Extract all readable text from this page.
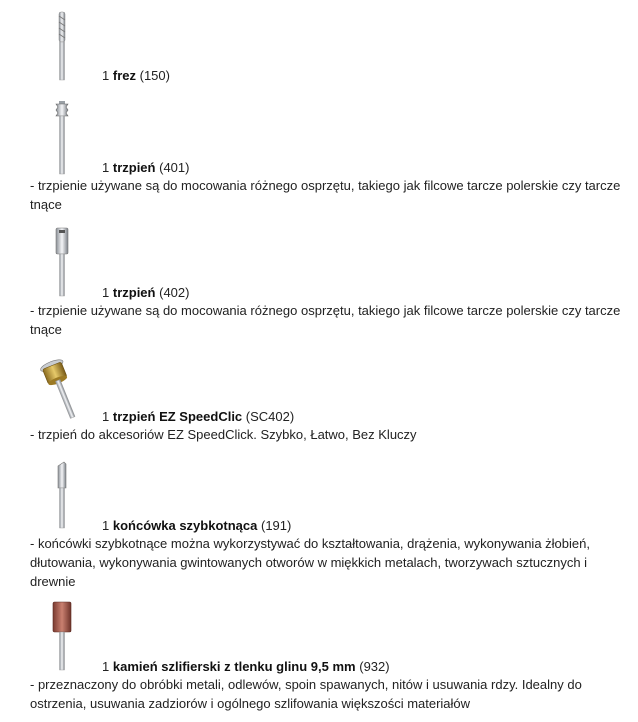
1 frez (150)
1 trzpień (401)
- trzpienie używane są do mocowania różnego osprzętu, takiego jak filcowe tarcze polerskie czy tarcze tnące
1 trzpień (402)
- trzpienie używane są do mocowania różnego osprzętu, takiego jak filcowe tarcze polerskie czy tarcze tnące
1 trzpień EZ SpeedClic (SC402)
- trzpień do akcesoriów EZ SpeedClick. Szybko, Łatwo, Bez Kluczy
1 końcówka szybkotnąca (191)
- końcówki szybkotnące można wykorzystywać do kształtowania, drążenia, wykonywania żłobień, dłutowania, wykonywania gwintowanych otworów w miękkich metalach, tworzywach sztucznych i drewnie
1 kamień szlifierski z tlenku glinu 9,5 mm (932)
- przeznaczony do obróbki metali, odlewów, spoin spawanych, nitów i usuwania rdzy. Idealny do ostrzenia, usuwania zadziorów i ogólnego szlifowania większości materiałów
